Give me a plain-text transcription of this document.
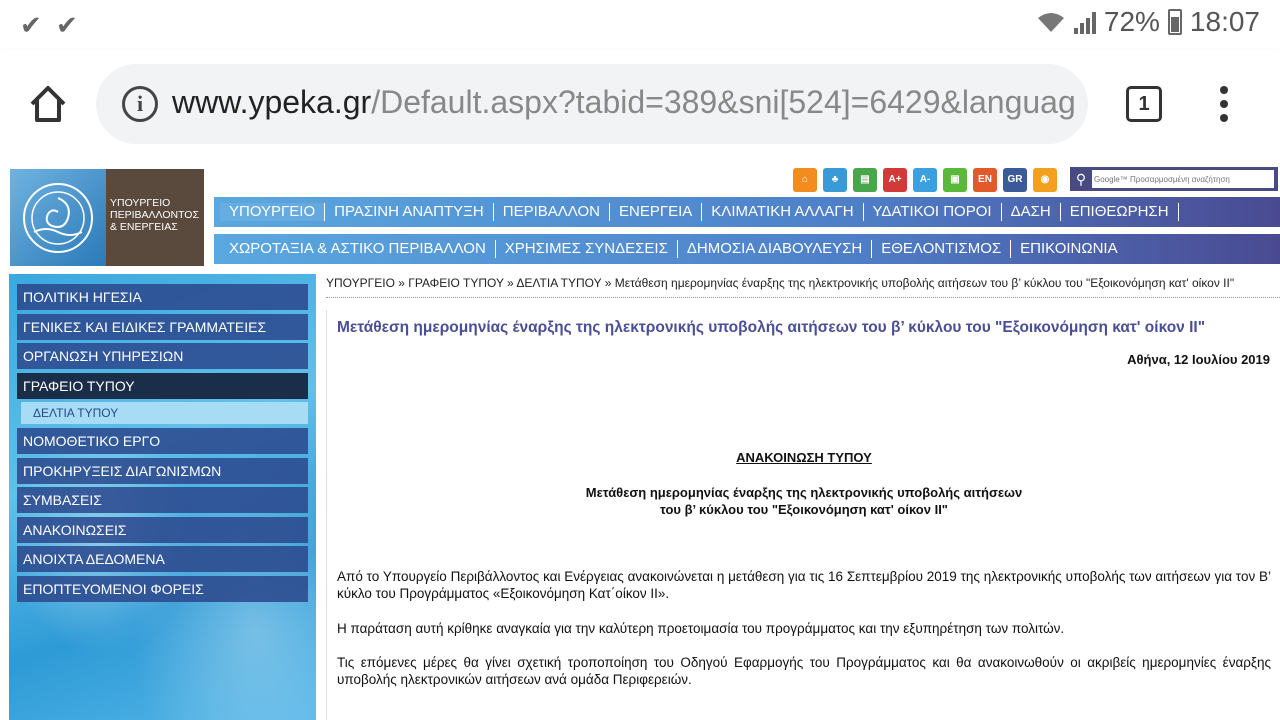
✔ ✔	72% 18:07
i www.ypeka.gr/Default.aspx?tabid=389&sni[524]=6429&languag	1
ΥΠΟΥΡΓΕΙΟ
ΠΕΡΙΒΑΛΛΟΝΤΟΣ
& ΕΝΕΡΓΕΙΑΣ
⌂	♣	▤	A+	A-	▣	EN	GR	◉	⚲
Google™ Προσαρμοσμένη αναζήτηση
ΥΠΟΥΡΓΕΙΟ	ΠΡΑΣΙΝΗ ΑΝΑΠΤΥΞΗ	ΠΕΡΙΒΑΛΛΟΝ	ΕΝΕΡΓΕΙΑ	ΚΛΙΜΑΤΙΚΗ ΑΛΛΑΓΗ	ΥΔΑΤΙΚΟΙ ΠΟΡΟΙ	ΔΑΣΗ	ΕΠΙΘΕΩΡΗΣΗ
ΧΩΡΟΤΑΞΙΑ & ΑΣΤΙΚΟ ΠΕΡΙΒΑΛΛΟΝ	ΧΡΗΣΙΜΕΣ ΣΥΝΔΕΣΕΙΣ	ΔΗΜΟΣΙΑ ΔΙΑΒΟΥΛΕΥΣΗ	ΕΘΕΛΟΝΤΙΣΜΟΣ	ΕΠΙΚΟΙΝΩΝΙΑ
ΠΟΛΙΤΙΚΗ ΗΓΕΣΙΑ
ΓΕΝΙΚΕΣ ΚΑΙ ΕΙΔΙΚΕΣ ΓΡΑΜΜΑΤΕΙΕΣ
ΟΡΓΑΝΩΣΗ ΥΠΗΡΕΣΙΩΝ
ΓΡΑΦΕΙΟ ΤΥΠΟΥ
ΔΕΛΤΙΑ ΤΥΠΟΥ
ΝΟΜΟΘΕΤΙΚΟ ΕΡΓΟ
ΠΡΟΚΗΡΥΞΕΙΣ ΔΙΑΓΩΝΙΣΜΩΝ
ΣΥΜΒΑΣΕΙΣ
ΑΝΑΚΟΙΝΩΣΕΙΣ
ΑΝΟΙΧΤΑ ΔΕΔΟΜΕΝΑ
ΕΠΟΠΤΕΥΟΜΕΝΟΙ ΦΟΡΕΙΣ
ΥΠΟΥΡΓΕΙΟ » ΓΡΑΦΕΙΟ ΤΥΠΟΥ » ΔΕΛΤΙΑ ΤΥΠΟΥ » Μετάθεση ημερομηνίας έναρξης της ηλεκτρονικής υποβολής αιτήσεων του β’ κύκλου του "Εξοικονόμηση κατ' οίκον ΙΙ"
Μετάθεση ημερομηνίας έναρξης της ηλεκτρονικής υποβολής αιτήσεων του β’ κύκλου του "Εξοικονόμηση κατ' οίκον ΙΙ"
Αθήνα, 12 Ιουλίου 2019
ΑΝΑΚΟΙΝΩΣΗ ΤΥΠΟΥ
Μετάθεση ημερομηνίας έναρξης της ηλεκτρονικής υποβολής αιτήσεων
του β’ κύκλου του "Εξοικονόμηση κατ' οίκον ΙΙ"
Από το Υπουργείο Περιβάλλοντος και Ενέργειας ανακοινώνεται η μετάθεση για τις 16 Σεπτεμβρίου 2019 της ηλεκτρονικής υποβολής των αιτήσεων για τον Β’ κύκλο του Προγράμματος «Εξοικονόμηση Κατ΄οίκον ΙΙ».
Η παράταση αυτή κρίθηκε αναγκαία για την καλύτερη προετοιμασία του προγράμματος και την εξυπηρέτηση των πολιτών.
Τις επόμενες μέρες θα γίνει σχετική τροποποίηση του Οδηγού Εφαρμογής του Προγράμματος και θα ανακοινωθούν οι ακριβείς ημερομηνίες έναρξης υποβολής ηλεκτρονικών αιτήσεων ανά ομάδα Περιφερειών.
